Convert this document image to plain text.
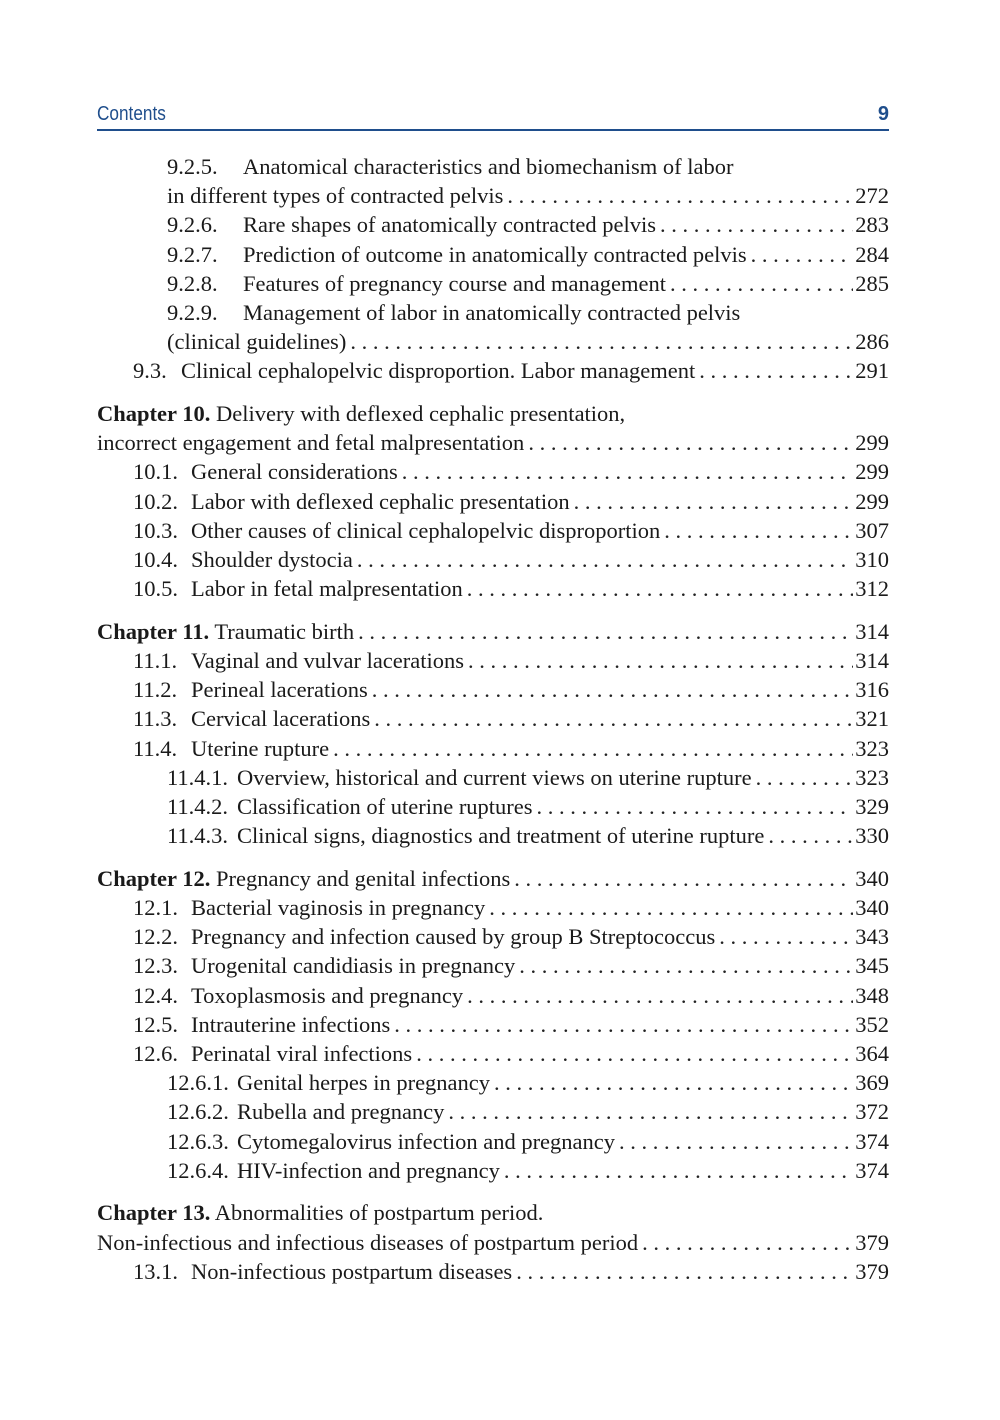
Contents	9
9.2.5. Anatomical characteristics and biomechanism of labor
in different types of contracted pelvis . . .	272
9.2.6. Rare shapes of anatomically contracted pelvis . . .	283
9.2.7. Prediction of outcome in anatomically contracted pelvis . . .	284
9.2.8. Features of pregnancy course and management . . .	285
9.2.9. Management of labor in anatomically contracted pelvis
(clinical guidelines) . . .	286
9.3. Clinical cephalopelvic disproportion. Labor management . . .	291
Chapter 10. Delivery with deflexed cephalic presentation,
incorrect engagement and fetal malpresentation . . .	299
10.1. General considerations . . .	299
10.2. Labor with deflexed cephalic presentation . . .	299
10.3. Other causes of clinical cephalopelvic disproportion . . .	307
10.4. Shoulder dystocia . . .	310
10.5. Labor in fetal malpresentation . . .	312
Chapter 11. Traumatic birth . . .	314
11.1. Vaginal and vulvar lacerations . . .	314
11.2. Perineal lacerations . . .	316
11.3. Cervical lacerations . . .	321
11.4. Uterine rupture . . .	323
11.4.1. Overview, historical and current views on uterine rupture . . .	323
11.4.2. Classification of uterine ruptures . . .	329
11.4.3. Clinical signs, diagnostics and treatment of uterine rupture . . .	330
Chapter 12. Pregnancy and genital infections . . .	340
12.1. Bacterial vaginosis in pregnancy . . .	340
12.2. Pregnancy and infection caused by group B Streptococcus . . .	343
12.3. Urogenital candidiasis in pregnancy . . .	345
12.4. Toxoplasmosis and pregnancy . . .	348
12.5. Intrauterine infections . . .	352
12.6. Perinatal viral infections . . .	364
12.6.1. Genital herpes in pregnancy . . .	369
12.6.2. Rubella and pregnancy . . .	372
12.6.3. Cytomegalovirus infection and pregnancy . . .	374
12.6.4. HIV-infection and pregnancy . . .	374
Chapter 13. Abnormalities of postpartum period.
Non-infectious and infectious diseases of postpartum period . . .	379
13.1. Non-infectious postpartum diseases . . .	379
